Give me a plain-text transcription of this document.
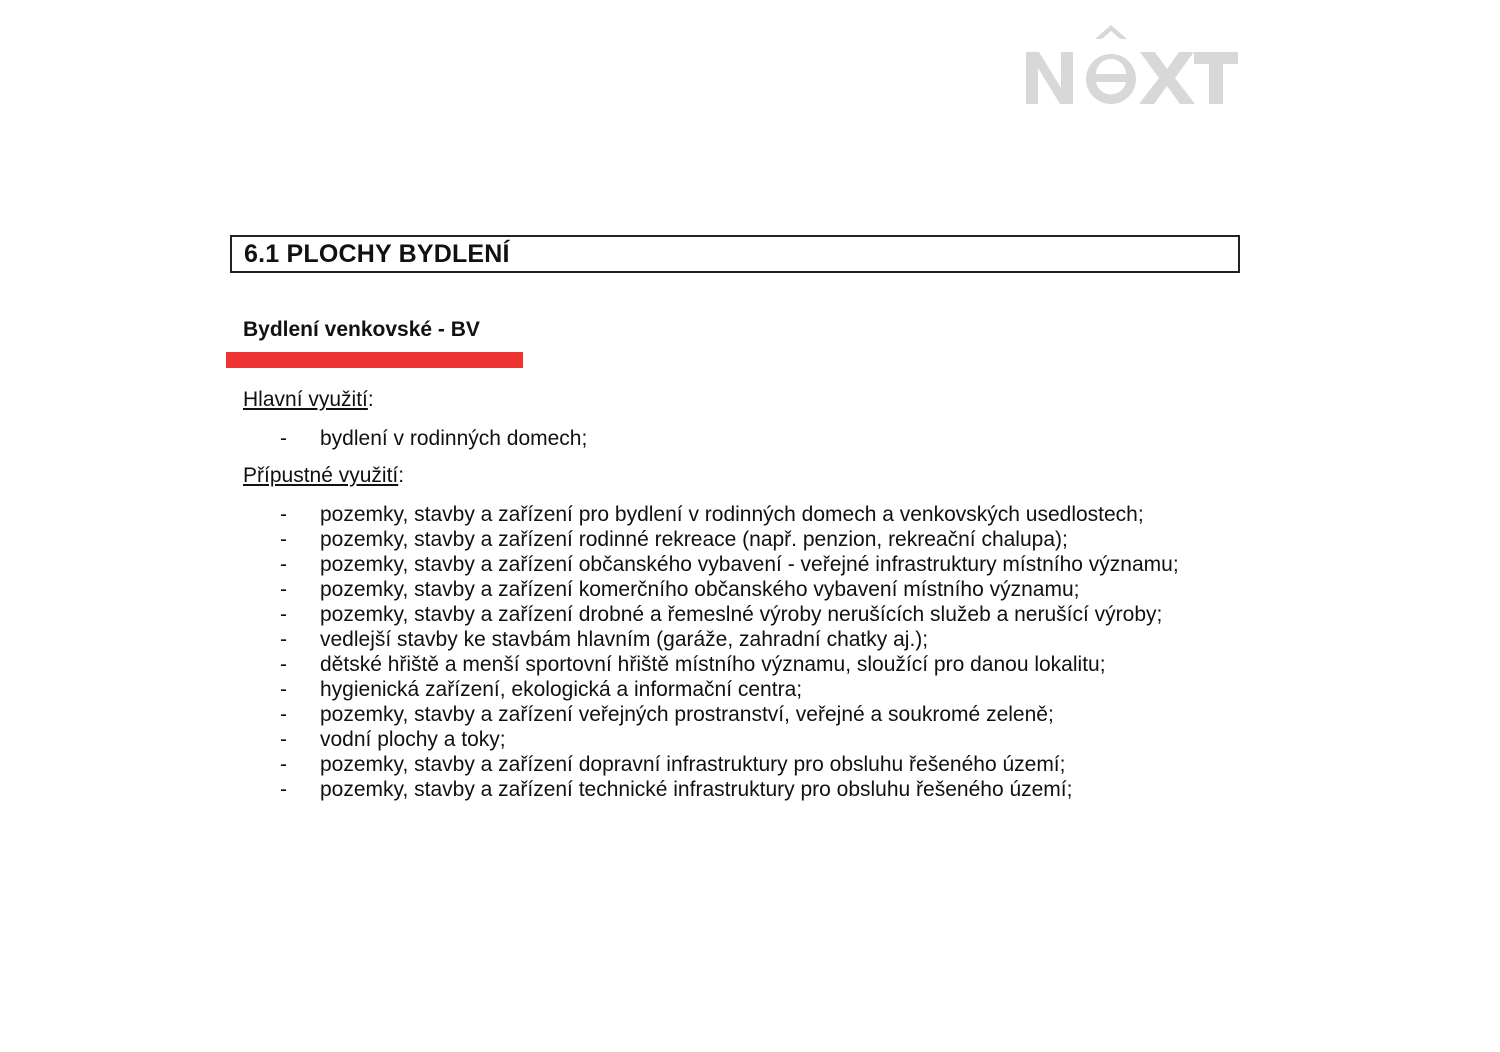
6.1 PLOCHY BYDLENÍ
Bydlení venkovské - BV
Hlavní využití:
-	bydlení v rodinných domech;
Přípustné využití:
-	pozemky, stavby a zařízení pro bydlení v rodinných domech a venkovských usedlostech;
-	pozemky, stavby a zařízení rodinné rekreace (např. penzion, rekreační chalupa);
-	pozemky, stavby a zařízení občanského vybavení - veřejné infrastruktury místního významu;
-	pozemky, stavby a zařízení komerčního občanského vybavení místního významu;
-	pozemky, stavby a zařízení drobné a řemeslné výroby nerušících služeb a nerušící výroby;
-	vedlejší stavby ke stavbám hlavním (garáže, zahradní chatky aj.);
-	dětské hřiště a menší sportovní hřiště místního významu, sloužící pro danou lokalitu;
-	hygienická zařízení, ekologická a informační centra;
-	pozemky, stavby a zařízení veřejných prostranství, veřejné a soukromé zeleně;
-	vodní plochy a toky;
-	pozemky, stavby a zařízení dopravní infrastruktury pro obsluhu řešeného území;
-	pozemky, stavby a zařízení technické infrastruktury pro obsluhu řešeného území;
